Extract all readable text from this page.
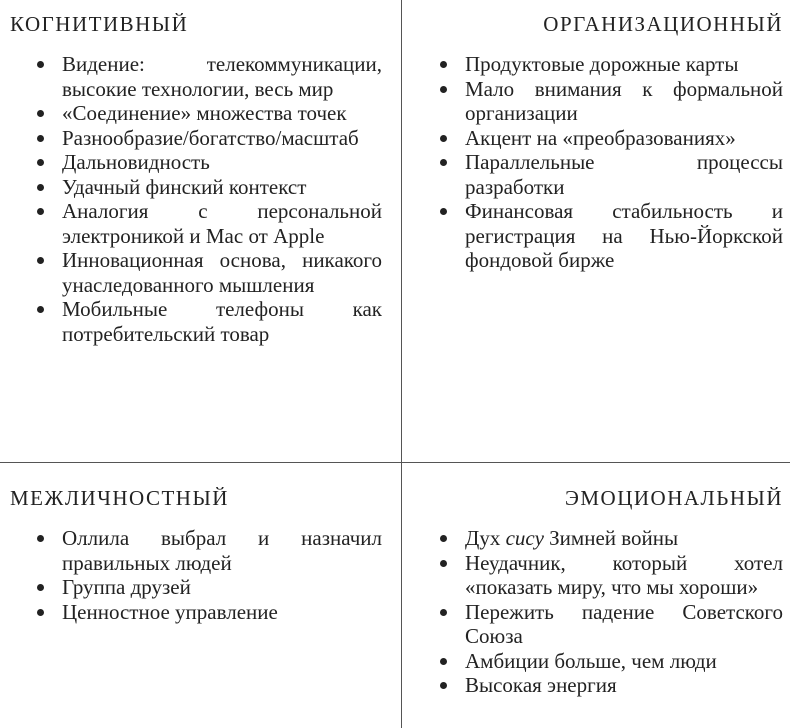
КОГНИТИВНЫЙ
Видение: телекоммуникации, высокие технологии, весь мир
«Соединение» множества точек
Разнообразие/богатство/масштаб
Дальновидность
Удачный финский контекст
Аналогия с персональной электроникой и Mac от Apple
Инновационная основа, никакого унаследованного мышления
Мобильные телефоны как потребительский товар
ОРГАНИЗАЦИОННЫЙ
Продуктовые дорожные карты
Мало внимания к формальной организации
Акцент на «преобразованиях»
Параллельные процессы разработки
Финансовая стабильность и регистрация на Нью-Йоркской фондовой бирже
МЕЖЛИЧНОСТНЫЙ
Оллила выбрал и назначил правильных людей
Группа друзей
Ценностное управление
ЭМОЦИОНАЛЬНЫЙ
Дух сису Зимней войны
Неудачник, который хотел «показать миру, что мы хороши»
Пережить падение Советского Союза
Амбиции больше, чем люди
Высокая энергия
